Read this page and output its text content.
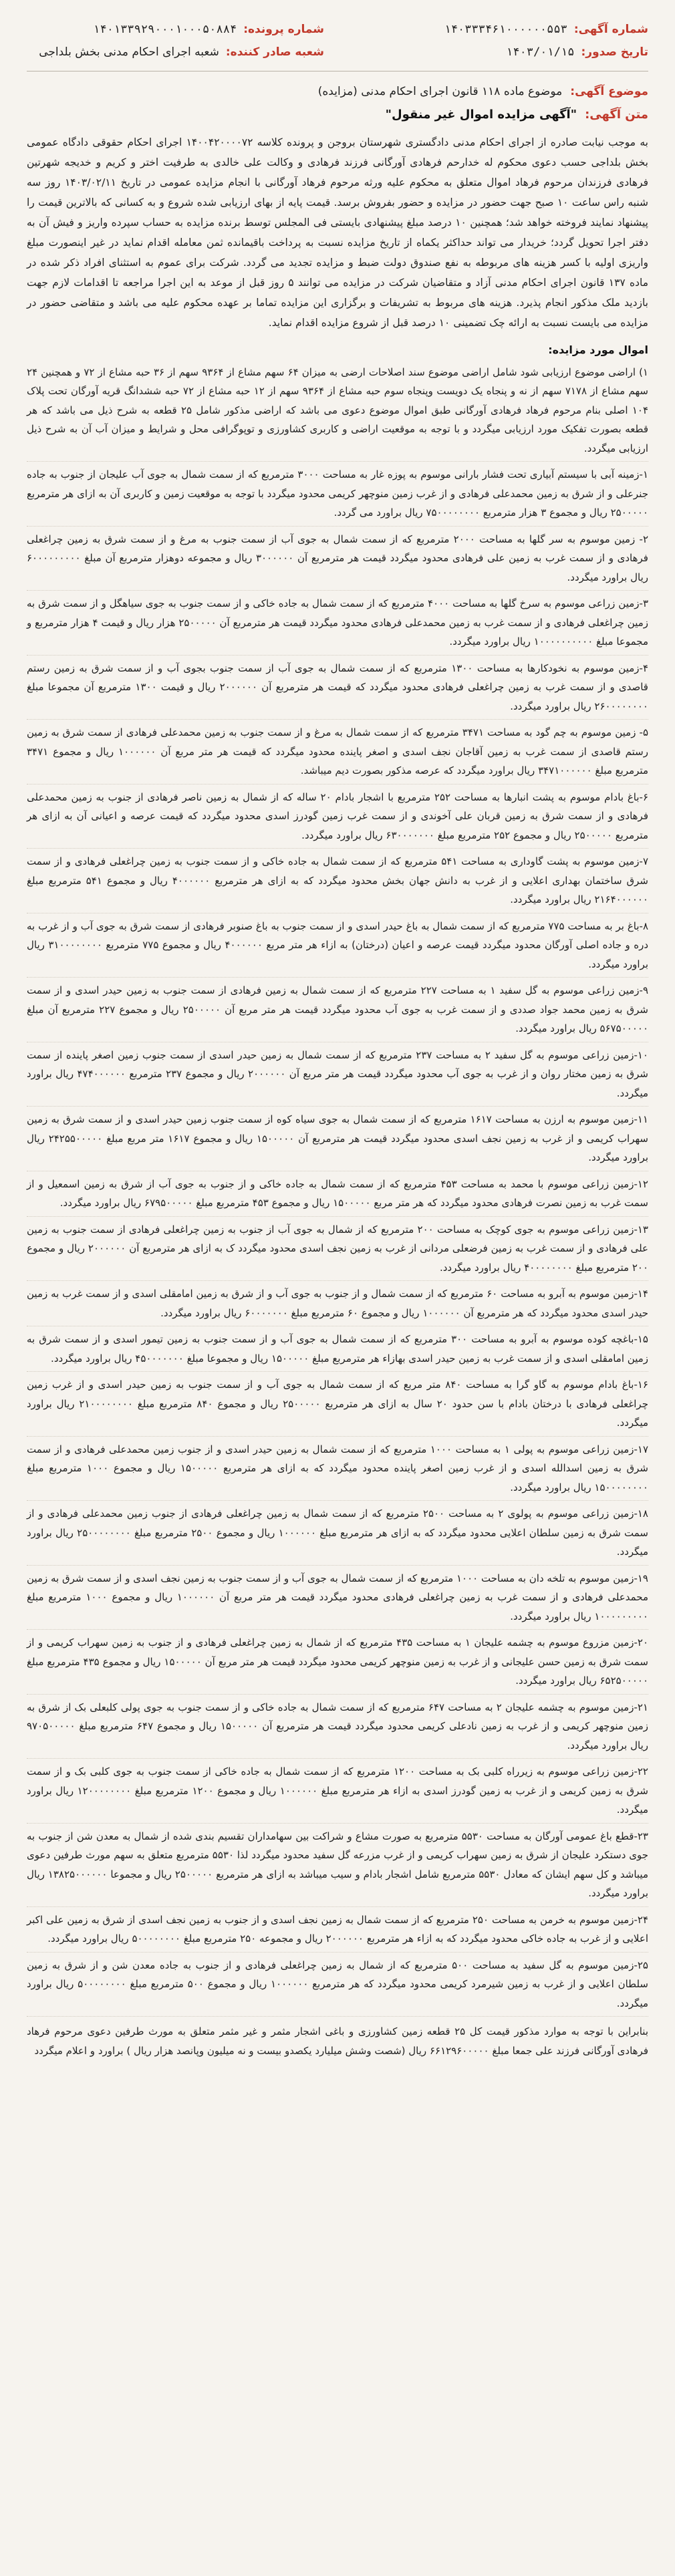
شماره آگهی:
۱۴۰۳۳۳۴۶۱۰۰۰۰۰۰۵۵۳
شماره پرونده:
۱۴۰۱۳۳۹۲۹۰۰۰۱۰۰۰۵۰۸۸۴
تاریخ صدور:
۱۴۰۳/۰۱/۱۵
شعبه صادر کننده:
شعبه اجرای احکام مدنی بخش بلداجی
موضوع آگهی:
موضوع ماده ۱۱۸ قانون اجرای احکام مدنی (مزایده)
متن آگهی:
"آگهی مزایده اموال غیر منقول"

به موجب نیابت صادره از اجرای احکام مدنی دادگستری شهرستان بروجن و پرونده کلاسه ۱۴۰۰۴۲۰۰۰۰۷۲ اجرای احکام حقوقی دادگاه عمومی بخش بلداجی حسب دعوی محکوم له خدارحم فرهادی آورگانی فرزند فرهادی و وکالت علی خالدی به طرفیت اختر و کریم و خدیجه شهرتین فرهادی فرزندان مرحوم فرهاد اموال متعلق به محکوم علیه ورثه مرحوم فرهاد آورگانی با انجام مزایده عمومی در تاریخ ۱۴۰۳/۰۲/۱۱ روز سه شنبه راس ساعت ۱۰ صبح جهت حضور در مزایده و حضور بفروش برسد. قیمت پایه از بهای ارزیابی شده شروع و به کسانی که بالاترین قیمت را پیشنهاد نمایند فروخته خواهد شد؛ همچنین ۱۰ درصد مبلغ پیشنهادی بایستی فی المجلس توسط برنده مزایده به حساب سپرده واریز و فیش آن به دفتر اجرا تحویل گردد؛ خریدار می تواند حداکثر یکماه از تاریخ مزایده نسبت به پرداخت باقیمانده ثمن معامله اقدام نماید در غیر اینصورت مبلغ واریزی اولیه با کسر هزینه های مربوطه به نفع صندوق دولت ضبط و مزایده تجدید می گردد. شرکت برای عموم به استثنای افراد ذکر شده در ماده ۱۳۷ قانون اجرای احکام مدنی آزاد و متقاضیان شرکت در مزایده می توانند ۵ روز قبل از موعد به این اجرا مراجعه تا اقدامات لازم جهت بازدید ملک مذکور انجام پذیرد. هزینه های مربوط به تشریفات و برگزاری این مزایده تماما بر عهده محکوم علیه می باشد و متقاضی حضور در مزایده می بایست نسبت به ارائه چک تضمینی ۱۰ درصد قبل از شروع مزایده اقدام نماید.

اموال مورد مزایده:

۱) اراضی موضوع ارزیابی شود شامل اراضی موضوع سند اصلاحات ارضی به میزان ۶۴ سهم مشاع از ۹۳۶۴ سهم از ۳۶ حبه مشاع از ۷۲ و همچنین ۲۴ سهم مشاع از ۷۱۷۸ سهم از نه و پنجاه یک دویست وپنجاه سوم حبه مشاع از ۹۳۶۴ سهم از ۱۲ حبه مشاع از ۷۲ حبه ششدانگ قریه آورگان تحت پلاک ۱۰۴ اصلی بنام مرحوم فرهاد فرهادی آورگانی طبق اموال موضوع دعوی می باشد که اراضی مذکور شامل ۲۵ قطعه به شرح ذیل می باشد که هر قطعه بصورت تفکیک مورد ارزیابی میگردد و با توجه به موقعیت اراضی و کاربری کشاورزی و توپوگرافی محل و شرایط و میزان آب آن به شرح ذیل ارزیابی میگردد.

۱-زمینه آبی با سیستم آبیاری تحت فشار بارانی موسوم به پوزه غار به مساحت ۳۰۰۰ مترمربع که از سمت شمال به جوی آب علیجان از جنوب به جاده جنرعلی و از شرق به زمین محمدعلی فرهادی و از غرب زمین منوچهر کریمی محدود میگردد با توجه به موقعیت زمین و کاربری آن به ازای هر مترمربع ۲۵۰۰۰۰۰ ریال و مجموع ۳ هزار مترمربع ۷۵۰۰۰۰۰۰۰۰ ریال براورد می گردد.

۲- زمین موسوم به سر گلها به مساحت ۲۰۰۰ مترمربع که از سمت شمال به جوی آب از سمت جنوب به مرغ و از سمت شرق به زمین چراغعلی فرهادی و از سمت غرب به زمین علی فرهادی محدود میگردد قیمت هر مترمربع آن ۳۰۰۰۰۰۰ ریال و مجموعه دوهزار مترمربع آن مبلغ ۶۰۰۰۰۰۰۰۰۰ ریال براورد میگردد.

۳-زمین زراعی موسوم به سرخ گلها به مساحت ۴۰۰۰ مترمربع که از سمت شمال به جاده خاکی و از سمت جنوب به جوی سیاهگل و از سمت شرق به زمین چراغعلی فرهادی و از سمت غرب به زمین محمدعلی فرهادی محدود میگردد قیمت هر مترمربع آن ۲۵۰۰۰۰۰ هزار ریال و قیمت ۴ هزار مترمربع و مجموعا مبلغ ۱۰۰۰۰۰۰۰۰۰۰ ریال براورد میگردد.

۴-زمین موسوم به نخودکارها به مساحت ۱۳۰۰ مترمربع که از سمت شمال به جوی آب از سمت جنوب بجوی آب و از سمت شرق به زمین رستم قاصدی و از سمت غرب به زمین چراغعلی فرهادی محدود میگردد که قیمت هر مترمربع آن ۲۰۰۰۰۰۰ ریال و قیمت ۱۳۰۰ مترمربع آن مجموعا مبلغ ۲۶۰۰۰۰۰۰۰۰ ریال براورد میگردد.

۵- زمین موسوم به چم گود به مساحت ۳۴۷۱ مترمربع که از سمت شمال به مرغ و از سمت جنوب به زمین محمدعلی فرهادی از سمت شرق به زمین رستم قاصدی از سمت غرب به زمین آقاجان نجف اسدی و اصغر پاینده محدود میگردد که قیمت هر متر مربع آن ۱۰۰۰۰۰۰ ریال و مجموع ۳۴۷۱ مترمربع مبلغ ۳۴۷۱۰۰۰۰۰۰ ریال براورد میگردد که عرصه مذکور بصورت دیم میباشد.

۶-باغ بادام موسوم به پشت انبارها به مساحت ۲۵۲ مترمربع با اشجار بادام ۲۰ ساله که از شمال به زمین ناصر فرهادی از جنوب به زمین محمدعلی فرهادی و از سمت شرق به زمین قربان علی آخوندی و از سمت غرب زمین گودرز اسدی محدود میگردد که قیمت عرصه و اعیانی آن به ازای هر مترمربع ۲۵۰۰۰۰۰ ریال و مجموع ۲۵۲ مترمربع مبلغ ۶۳۰۰۰۰۰۰۰ ریال براورد میگردد.

۷-زمین موسوم به پشت گاوداری به مساحت ۵۴۱ مترمربع که از سمت شمال به جاده خاکی و از سمت جنوب به زمین چراغعلی فرهادی و از سمت شرق ساختمان بهداری اعلایی و از غرب به دانش جهان بخش محدود میگردد که به ازای هر مترمربع ۴۰۰۰۰۰۰ ریال و مجموع ۵۴۱ مترمربع مبلغ ۲۱۶۴۰۰۰۰۰۰ ریال براورد میگردد.

۸-باغ بر به مساحت ۷۷۵ مترمربع که از سمت شمال به باغ حیدر اسدی و از سمت جنوب به باغ صنوبر فرهادی از سمت شرق به جوی آب و از غرب به دره و جاده اصلی آورگان محدود میگردد قیمت عرصه و اعیان (درختان) به ازاء هر متر مربع ۴۰۰۰۰۰۰ ریال و مجموع ۷۷۵ مترمربع ۳۱۰۰۰۰۰۰۰۰ ریال براورد میگردد.

۹-زمین زراعی موسوم به گل سفید ۱ به مساحت ۲۲۷ مترمربع که از سمت شمال به زمین فرهادی از سمت جنوب به زمین حیدر اسدی و از سمت شرق به زمین محمد جواد صددی و از سمت غرب به جوی آب محدود میگردد قیمت هر متر مربع آن ۲۵۰۰۰۰۰ ریال و مجموع ۲۲۷ مترمربع آن مبلغ ۵۶۷۵۰۰۰۰۰ ریال براورد میگردد.

۱۰-زمین زراعی موسوم به گل سفید ۲ به مساحت ۲۳۷ مترمربع که از سمت شمال به زمین حیدر اسدی از سمت جنوب زمین اصغر پاینده از سمت شرق به زمین مختار روان و از غرب به جوی آب محدود میگردد قیمت هر متر مربع آن ۲۰۰۰۰۰۰ ریال و مجموع ۲۳۷ مترمربع ۴۷۴۰۰۰۰۰۰ ریال براورد میگردد.

۱۱-زمین موسوم به ارزن به مساحت ۱۶۱۷ مترمربع که از سمت شمال به جوی سیاه کوه از سمت جنوب زمین حیدر اسدی و از سمت شرق به زمین سهراب کریمی و از غرب به زمین نجف اسدی محدود میگردد قیمت هر مترمربع آن ۱۵۰۰۰۰۰ ریال و مجموع ۱۶۱۷ متر مربع مبلغ ۲۴۲۵۵۰۰۰۰۰ ریال براورد میگردد.

۱۲-زمین زراعی موسوم با محمد به مساحت ۴۵۳ مترمربع که از سمت شمال به جاده خاکی و از جنوب به جوی آب از شرق به زمین اسمعیل و از سمت غرب به زمین نصرت فرهادی محدود میگردد که هر متر مربع ۱۵۰۰۰۰۰ ریال و مجموع ۴۵۳ مترمربع مبلغ ۶۷۹۵۰۰۰۰۰ ریال براورد میگردد.

۱۳-زمین زراعی موسوم به جوی کوچک به مساحت ۲۰۰ مترمربع که از شمال به جوی آب از جنوب به زمین چراغعلی فرهادی از سمت جنوب به زمین علی فرهادی و از سمت غرب به زمین فرضعلی مردانی از غرب به زمین نجف اسدی محدود میگردد ک به ازای هر مترمربع آن ۲۰۰۰۰۰۰ ریال و مجموع ۲۰۰ مترمربع مبلغ ۴۰۰۰۰۰۰۰۰ ریال براورد میگردد.

۱۴-زمین موسوم به آبرو به مساحت ۶۰ مترمربع که از سمت شمال و از جنوب به جوی آب و از شرق به زمین امامقلی اسدی و از سمت غرب به زمین حیدر اسدی محدود میگردد که هر مترمربع آن ۱۰۰۰۰۰۰ ریال و مجموع ۶۰ مترمربع مبلغ ۶۰۰۰۰۰۰۰ ریال براورد میگردد.

۱۵-باغچه کوده موسوم به آبرو به مساحت ۳۰۰ مترمربع که از سمت شمال به جوی آب و از سمت جنوب به زمین تیمور اسدی و از سمت شرق به زمین امامقلی اسدی و از سمت غرب به زمین حیدر اسدی بهازاء هر مترمربع مبلغ ۱۵۰۰۰۰۰ ریال و مجموعا مبلغ ۴۵۰۰۰۰۰۰۰ ریال براورد میگردد.

۱۶-باغ بادام موسوم به گاو گرا به مساحت ۸۴۰ متر مربع که از سمت شمال به جوی آب و از سمت جنوب به زمین حیدر اسدی و از غرب زمین چراغعلی فرهادی با درختان بادام با سن حدود ۲۰ سال به ازای هر مترمربع ۲۵۰۰۰۰۰ ریال و مجموع ۸۴۰ مترمربع مبلغ ۲۱۰۰۰۰۰۰۰۰ ریال براورد میگردد.

۱۷-زمین زراعی موسوم به پولی ۱ به مساحت ۱۰۰۰ مترمربع که از سمت شمال به زمین حیدر اسدی و از جنوب زمین محمدعلی فرهادی و از سمت شرق به زمین اسدالله اسدی و از غرب زمین اصغر پاینده محدود میگردد که به ازای هر مترمربع ۱۵۰۰۰۰۰ ریال و مجموع ۱۰۰۰ مترمربع مبلغ ۱۵۰۰۰۰۰۰۰۰ ریال براورد میگردد.

۱۸-زمین زراعی موسوم به پولوی ۲ به مساحت ۲۵۰۰ مترمربع که از سمت شمال به زمین چراغعلی فرهادی از جنوب زمین محمدعلی فرهادی و از سمت شرق به زمین سلطان اعلایی محدود میگردد که به ازای هر مترمربع مبلغ ۱۰۰۰۰۰۰ ریال و مجموع ۲۵۰۰ مترمربع مبلغ ۲۵۰۰۰۰۰۰۰۰ ریال براورد میگردد.

۱۹-زمین موسوم به تلخه دان به مساحت ۱۰۰۰ مترمربع که از سمت شمال به جوی آب و از سمت جنوب به زمین نجف اسدی و از سمت شرق به زمین محمدعلی فرهادی و از سمت غرب به زمین چراغعلی فرهادی محدود میگردد قیمت هر متر مربع آن ۱۰۰۰۰۰۰ ریال و مجموع ۱۰۰۰ مترمربع مبلغ ۱۰۰۰۰۰۰۰۰۰ ریال براورد میگردد.

۲۰-زمین مزروع موسوم به چشمه علیجان ۱ به مساحت ۴۳۵ مترمربع که از شمال به زمین چراغعلی فرهادی و از جنوب به زمین سهراب کریمی و از سمت شرق به زمین حسن علیجانی و از غرب به زمین منوچهر کریمی محدود میگردد قیمت هر متر مربع آن ۱۵۰۰۰۰۰ ریال و مجموع ۴۳۵ مترمربع مبلغ ۶۵۲۵۰۰۰۰۰ ریال براورد میگردد.

۲۱-زمین موسوم به چشمه علیجان ۲ به مساحت ۶۴۷ مترمربع که از سمت شمال به جاده خاکی و از سمت جنوب به جوی پولی کلبعلی بک از شرق به زمین منوچهر کریمی و از غرب به زمین نادعلی کریمی محدود میگردد قیمت هر مترمربع آن ۱۵۰۰۰۰۰ ریال و مجموع ۶۴۷ مترمربع مبلغ ۹۷۰۵۰۰۰۰۰ ریال براورد میگردد.

۲۲-زمین زراعی موسوم به زیرراه کلبی بک به مساحت ۱۲۰۰ مترمربع که از سمت شمال به جاده خاکی از سمت جنوب به جوی کلبی بک و از سمت شرق به زمین کریمی و از غرب به زمین گودرز اسدی به ازاء هر مترمربع مبلغ ۱۰۰۰۰۰۰ ریال و مجموع ۱۲۰۰ مترمربع مبلغ ۱۲۰۰۰۰۰۰۰۰ ریال براورد میگردد.

۲۳-قطع باغ عمومی آورگان به مساحت ۵۵۳۰ مترمربع به صورت مشاع و شراکت بین سهامداران تقسیم بندی شده از شمال به معدن شن از جنوب به جوی دستکرد علیجان از شرق به زمین سهراب کریمی و از غرب مزرعه گل سفید محدود میگردد لذا ۵۵۳۰ مترمربع متعلق به سهم مورث طرفین دعوی میباشد و کل سهم ایشان که معادل ۵۵۳۰ مترمربع شامل اشجار بادام و سیب میباشد به ازای هر مترمربع ۲۵۰۰۰۰۰ ریال و مجموعا ۱۳۸۲۵۰۰۰۰۰۰ ریال براورد میگردد.

۲۴-زمین موسوم به خرمن به مساحت ۲۵۰ مترمربع که از سمت شمال به زمین نجف اسدی و از جنوب به زمین نجف اسدی از شرق به زمین علی اکبر اعلایی و از غرب به جاده خاکی محدود میگردد که به ازاء هر مترمربع ۲۰۰۰۰۰۰ ریال و مجموعه ۲۵۰ مترمربع مبلغ ۵۰۰۰۰۰۰۰۰ ریال براورد میگردد.

۲۵-زمین موسوم به گل سفید به مساحت ۵۰۰ مترمربع که از شمال به زمین چراغعلی فرهادی و از جنوب به جاده معدن شن و از شرق به زمین سلطان اعلایی و از غرب به زمین شیرمرد کریمی محدود میگردد که هر مترمربع ۱۰۰۰۰۰۰ ریال و مجموع ۵۰۰ مترمربع مبلغ ۵۰۰۰۰۰۰۰۰ ریال براورد میگردد.

بنابراین با توجه به موارد مذکور قیمت کل ۲۵ قطعه زمین کشاورزی و باغی اشجار مثمر و غیر مثمر متعلق به مورث طرفین دعوی مرحوم فرهاد فرهادی آورگانی فرزند علی جمعا مبلغ ۶۶۱۲۹۶۰۰۰۰۰ ریال (شصت وشش میلیارد یکصدو بیست و نه میلیون وپانصد هزار ریال ) براورد و اعلام میگردد
